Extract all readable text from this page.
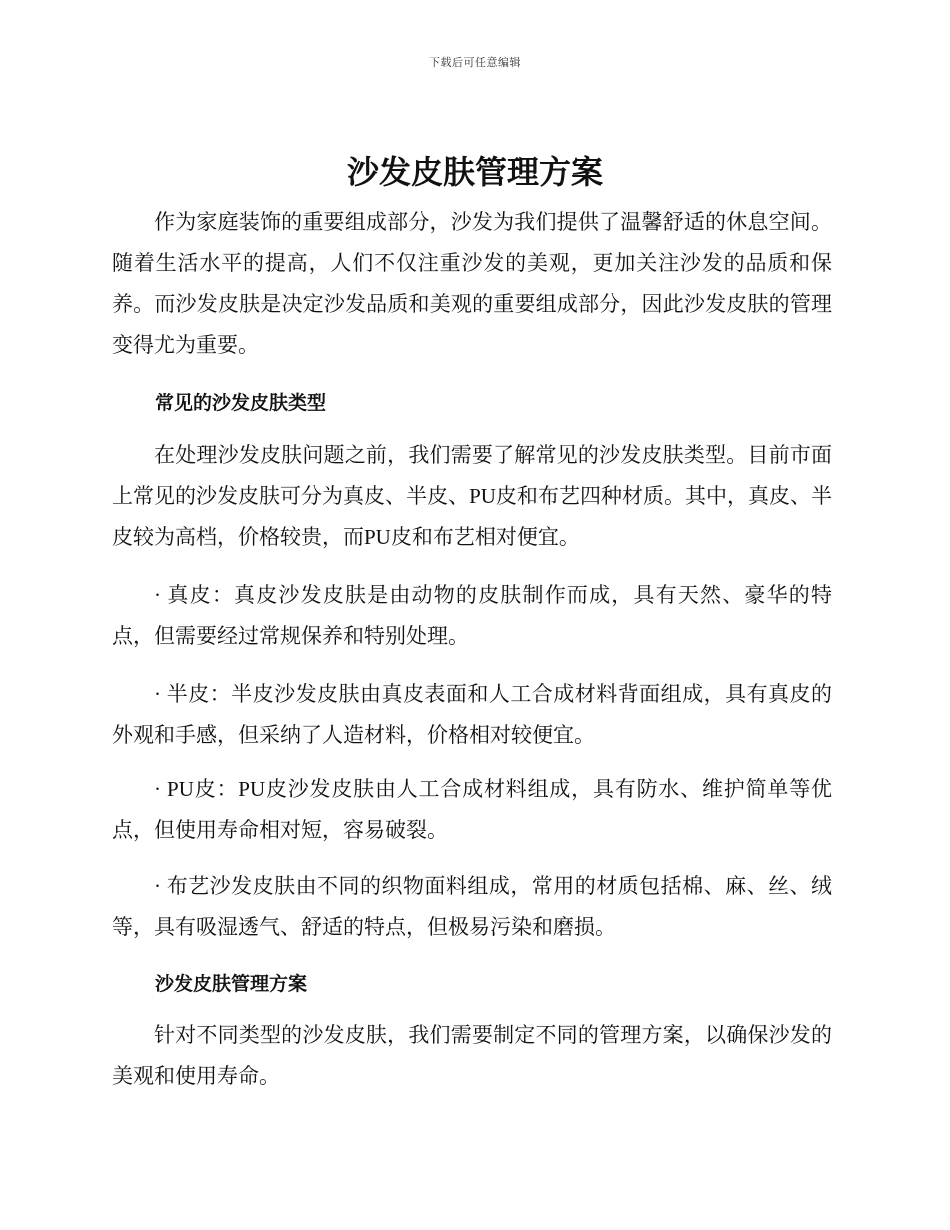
下载后可任意编辑
沙发皮肤管理方案

作为家庭装饰的重要组成部分，沙发为我们提供了温馨舒适的休息空间。随着生活水平的提高，人们不仅注重沙发的美观，更加关注沙发的品质和保养。而沙发皮肤是决定沙发品质和美观的重要组成部分，因此沙发皮肤的管理变得尤为重要。

常见的沙发皮肤类型

在处理沙发皮肤问题之前，我们需要了解常见的沙发皮肤类型。目前市面上常见的沙发皮肤可分为真皮、半皮、PU皮和布艺四种材质。其中，真皮、半皮较为高档，价格较贵，而PU皮和布艺相对便宜。

· 真皮：真皮沙发皮肤是由动物的皮肤制作而成，具有天然、豪华的特点，但需要经过常规保养和特别处理。

· 半皮：半皮沙发皮肤由真皮表面和人工合成材料背面组成，具有真皮的外观和手感，但采纳了人造材料，价格相对较便宜。

· PU皮：PU皮沙发皮肤由人工合成材料组成，具有防水、维护简单等优点，但使用寿命相对短，容易破裂。

· 布艺沙发皮肤由不同的织物面料组成，常用的材质包括棉、麻、丝、绒等，具有吸湿透气、舒适的特点，但极易污染和磨损。

沙发皮肤管理方案

针对不同类型的沙发皮肤，我们需要制定不同的管理方案，以确保沙发的美观和使用寿命。
